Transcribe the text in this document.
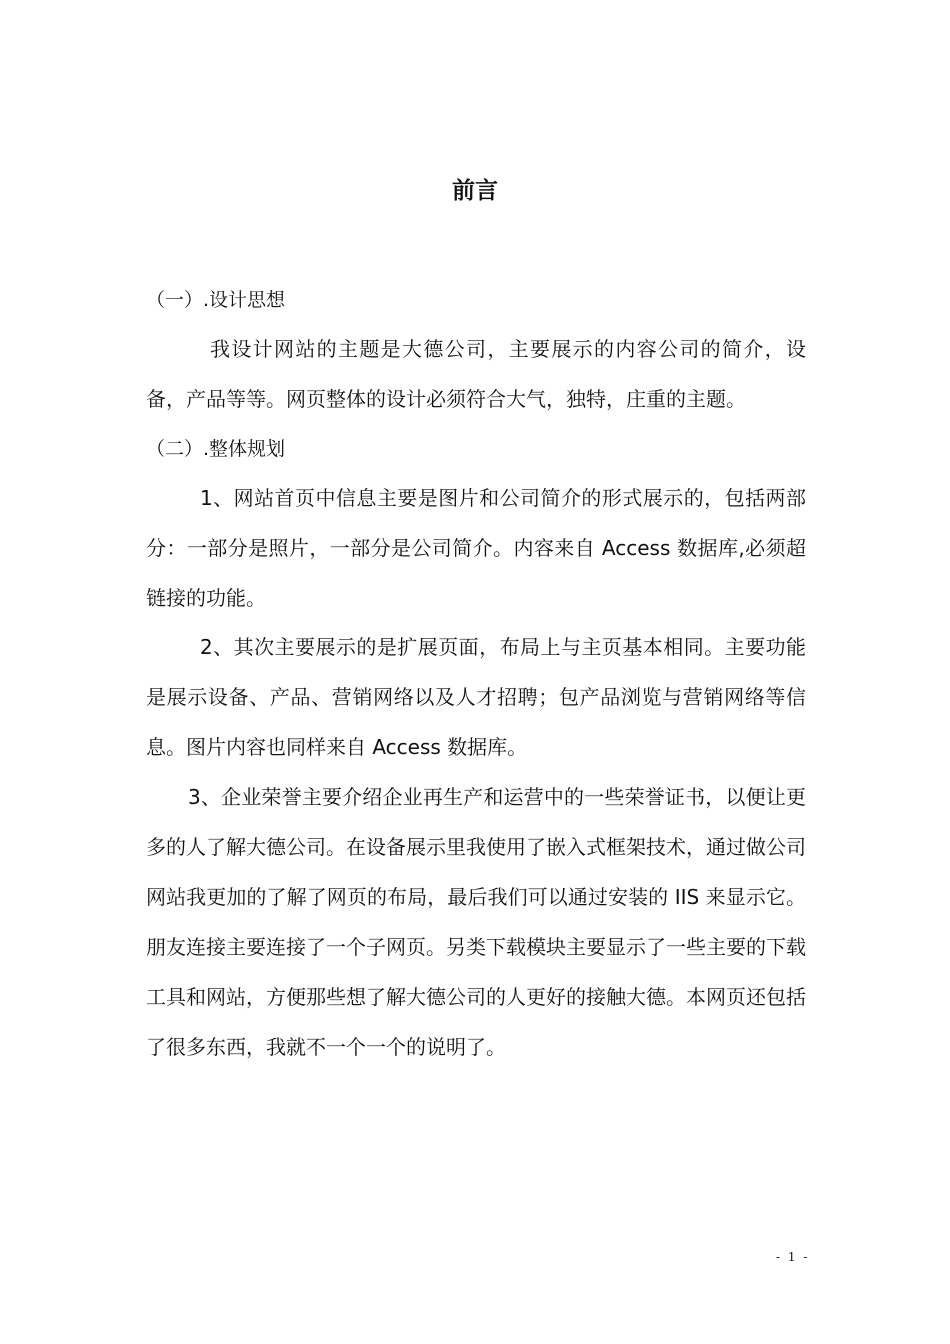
前言
（一）.设计思想

我设计网站的主题是大德公司，主要展示的内容公司的简介，设备，产品等等。网页整体的设计必须符合大气，独特，庄重的主题。

（二）.整体规划

1、网站首页中信息主要是图片和公司简介的形式展示的，包括两部分：一部分是照片，一部分是公司简介。内容来自 Access 数据库,必须超链接的功能。

2、其次主要展示的是扩展页面，布局上与主页基本相同。主要功能是展示设备、产品、营销网络以及人才招聘；包产品浏览与营销网络等信息。图片内容也同样来自 Access 数据库。

3、企业荣誉主要介绍企业再生产和运营中的一些荣誉证书，以便让更多的人了解大德公司。在设备展示里我使用了嵌入式框架技术，通过做公司网站我更加的了解了网页的布局，最后我们可以通过安装的 IIS 来显示它。朋友连接主要连接了一个子网页。另类下载模块主要显示了一些主要的下载工具和网站，方便那些想了解大德公司的人更好的接触大德。本网页还包括了很多东西，我就不一个一个的说明了。

- 1 -
